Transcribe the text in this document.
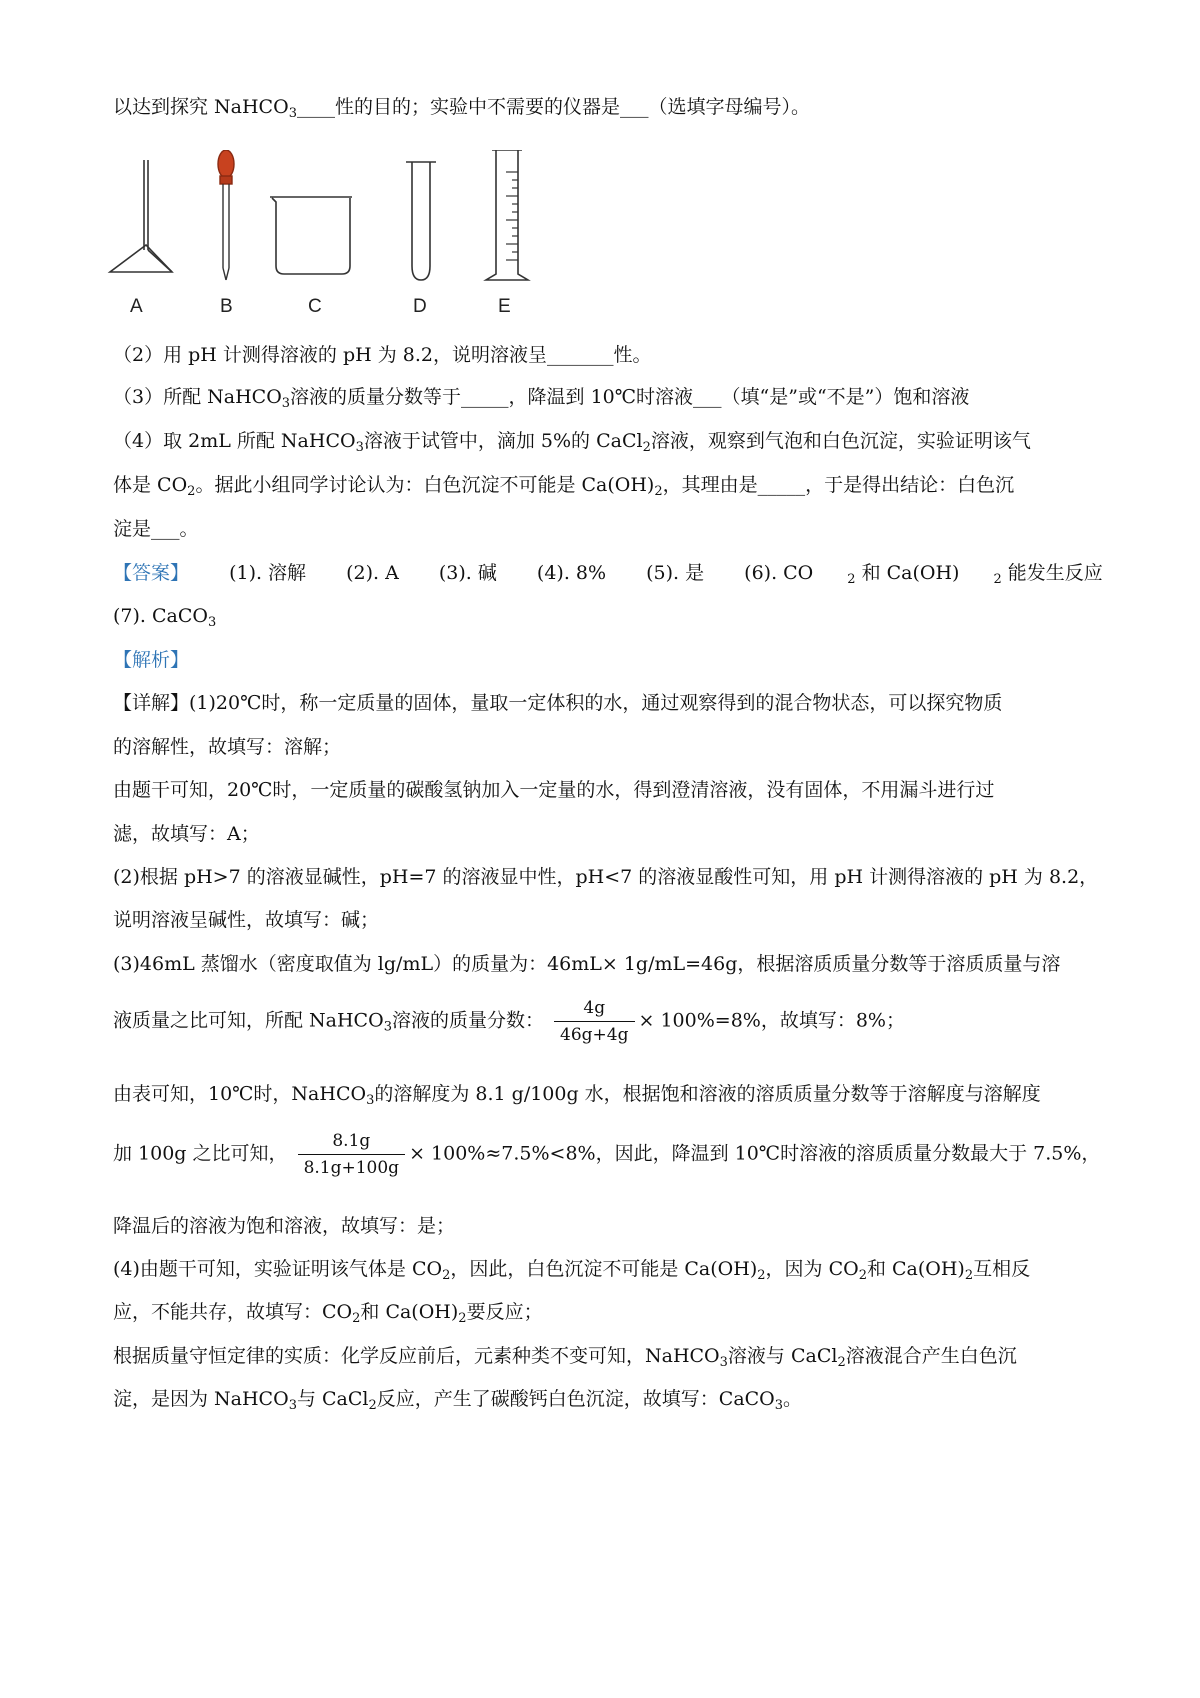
以达到探究 NaHCO$_3$____性的目的；实验中不需要的仪器是___（选填字母编号）。
A	B	C	D	E
（2）用 pH 计测得溶液的 pH 为 8.2，说明溶液呈_______性。
（3）所配 NaHCO$_3$溶液的质量分数等于_____，降温到 10℃时溶液___（填“是”或“不是”）饱和溶液
（4）取 2mL 所配 NaHCO$_3$溶液于试管中，滴加 5%的 CaCl$_2$溶液，观察到气泡和白色沉淀，实验证明该气
体是 $CO_2$。据此小组同学讨论认为：白色沉淀不可能是 $Ca(OH)_2$，其理由是_____，于是得出结论：白色沉
淀是___。
【答案】 (1). 溶解 (2). A (3). 碱 (4). 8% (5). 是 (6). CO	$_2$ 和 Ca(OH)	$_2$ 能发生反应
(7). CaCO$_3$
【解析】
【详解】(1)20℃时，称一定质量的固体，量取一定体积的水，通过观察得到的混合物状态，可以探究物质
的溶解性，故填写：溶解；
由题干可知，20℃时，一定质量的碳酸氢钠加入一定量的水，得到澄清溶液，没有固体，不用漏斗进行过
滤，故填写：A；
(2)根据 pH>7 的溶液显碱性，pH=7 的溶液显中性，pH<7 的溶液显酸性可知，用 pH 计测得溶液的 pH 为 8.2，
说明溶液呈碱性，故填写：碱；
(3)46mL 蒸馏水（密度取值为 lg/mL）的质量为：46mL× 1g/mL=46g，根据溶质质量分数等于溶质质量与溶
液质量之比可知，所配 NaHCO$_3$溶液的质量分数： $\frac{4g}{46g+4g} \times 100\%=8\%$，故填写：8%；
由表可知，10℃时，NaHCO$_3$的溶解度为 8.1 g/100g 水，根据饱和溶液的溶质质量分数等于溶解度与溶解度
加 100g 之比可知， $\frac{8.1g}{8.1g+100g} \times 100\%\approx 7.5\%<8\%$，因此，降温到 10℃时溶液的溶质质量分数最大于 7.5%，
降温后的溶液为饱和溶液，故填写：是；
(4)由题干可知，实验证明该气体是 $CO_2$，因此，白色沉淀不可能是 $Ca(OH)_2$，因为 $CO_2$和 $Ca(OH)_2$互相反
应，不能共存，故填写：$CO_2$和 $Ca(OH)_2$要反应；
根据质量守恒定律的实质：化学反应前后，元素种类不变可知，NaHCO$_3$溶液与 CaCl$_2$溶液混合产生白色沉
淀，是因为 NaHCO$_3$与 CaCl$_2$反应，产生了碳酸钙白色沉淀，故填写：CaCO$_3$。
